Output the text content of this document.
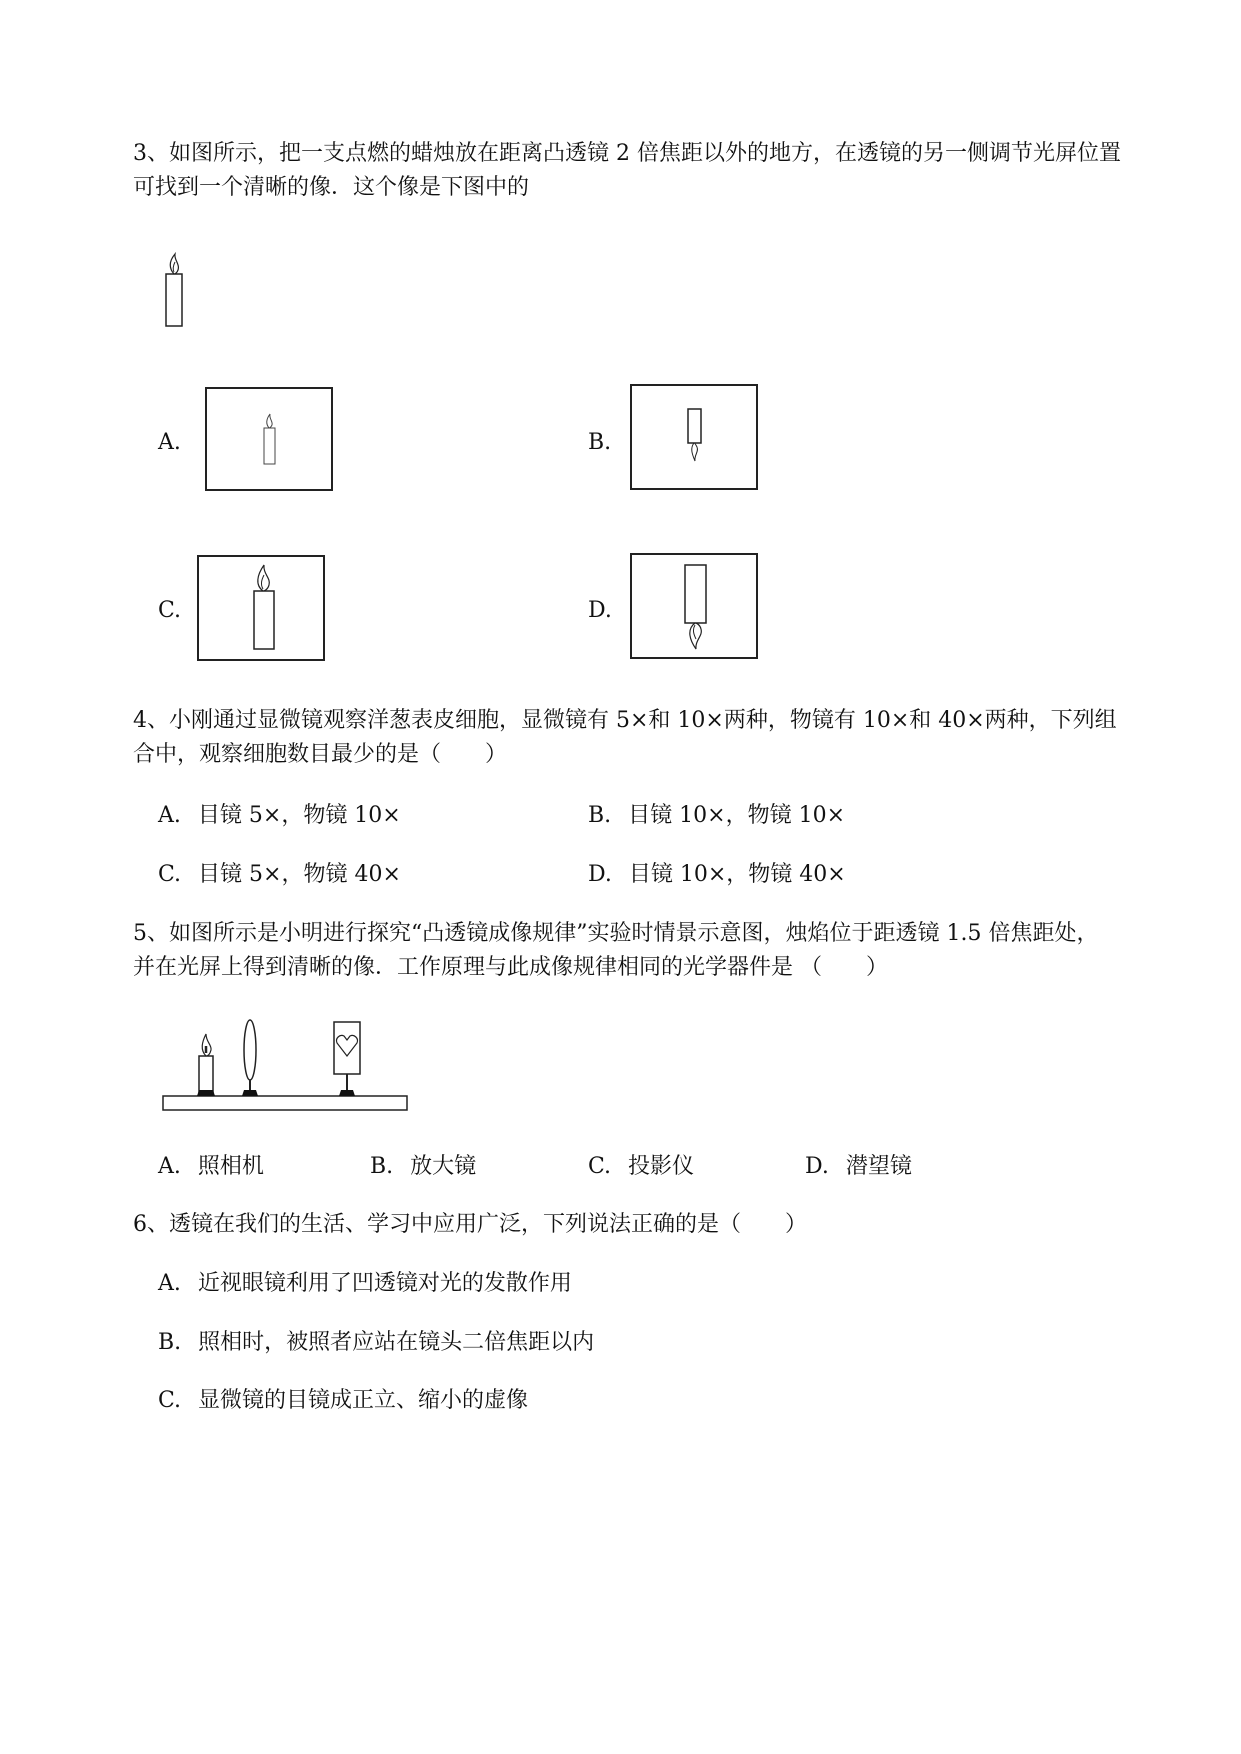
3、如图所示，把一支点燃的蜡烛放在距离凸透镜 2 倍焦距以外的地方，在透镜的另一侧调节光屏位置
可找到一个清晰的像．这个像是下图中的
A.	B.
C.	D.
4、小刚通过显微镜观察洋葱表皮细胞，显微镜有 5×和 10×两种，物镜有 10×和 40×两种，下列组
合中，观察细胞数目最少的是（　　）
A. 目镜 5×，物镜 10×	B. 目镜 10×，物镜 10×
C. 目镜 5×，物镜 40×	D. 目镜 10×，物镜 40×
5、如图所示是小明进行探究“凸透镜成像规律”实验时情景示意图，烛焰位于距透镜 1.5 倍焦距处，
并在光屏上得到清晰的像．工作原理与此成像规律相同的光学器件是 （　　）
A. 照相机	B. 放大镜	C. 投影仪	D. 潜望镜
6、透镜在我们的生活、学习中应用广泛，下列说法正确的是（　　）
A. 近视眼镜利用了凹透镜对光的发散作用
B. 照相时，被照者应站在镜头二倍焦距以内
C. 显微镜的目镜成正立、缩小的虚像
